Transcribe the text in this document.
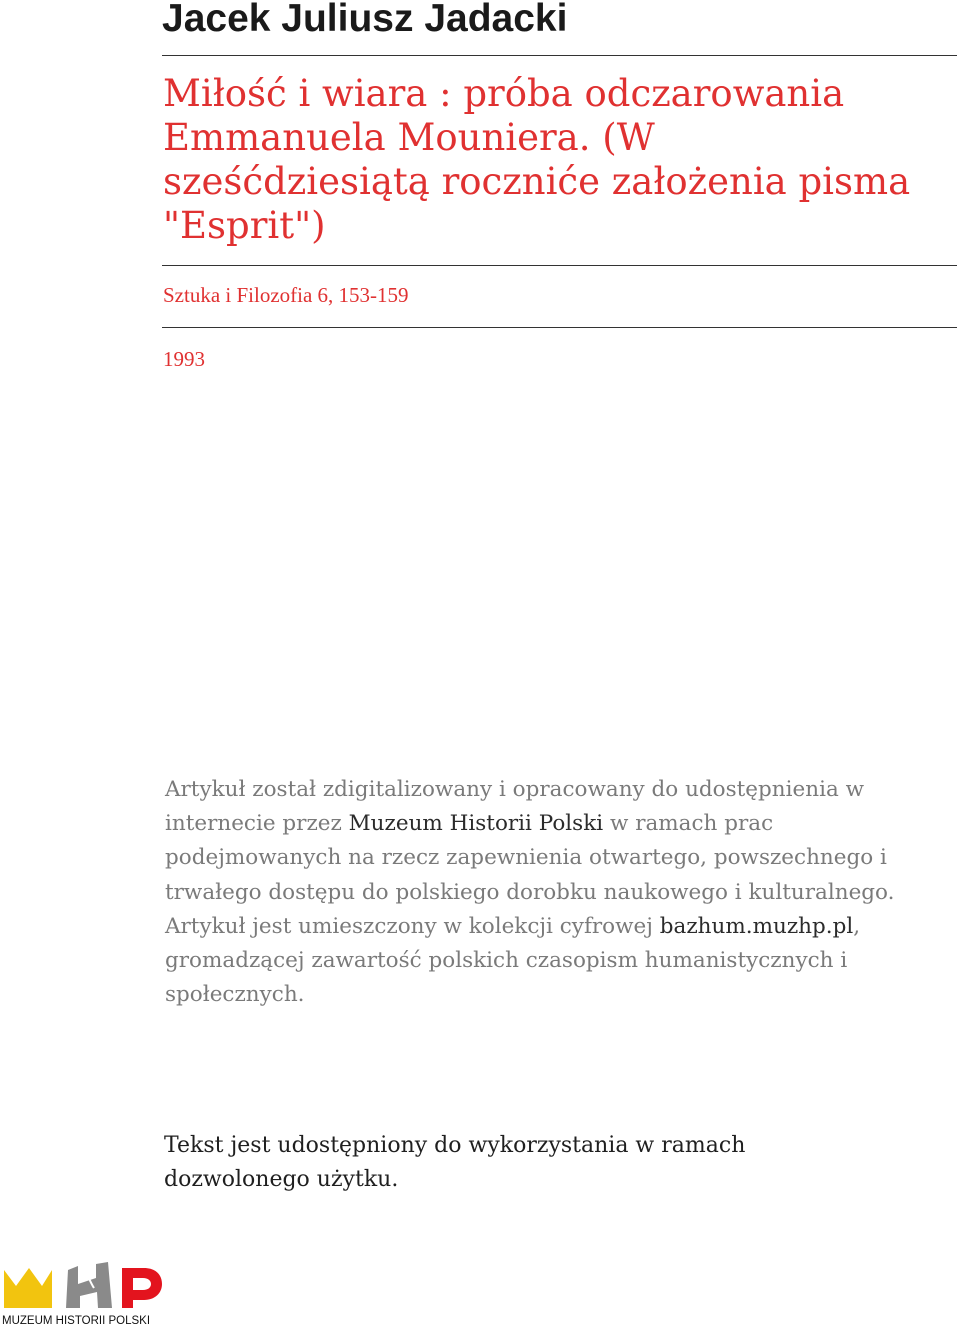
Jacek Juliusz Jadacki
Miłość i wiara : próba odczarowania Emmanuela Mouniera. (W sześćdziesiątą rocznićе założenia pisma "Esprit")
Sztuka i Filozofia 6, 153-159
1993

Artykuł został zdigitalizowany i opracowany do udostępnienia w internecie przez Muzeum Historii Polski w ramach prac podejmowanych na rzecz zapewnienia otwartego, powszechnego i trwałego dostępu do polskiego dorobku naukowego i kulturalnego. Artykuł jest umieszczony w kolekcji cyfrowej bazhum.muzhp.pl, gromadzącej zawartość polskich czasopism humanistycznych i społecznych.

Tekst jest udostępniony do wykorzystania w ramach dozwolonego użytku.

MUZEUM HISTORII POLSKI
